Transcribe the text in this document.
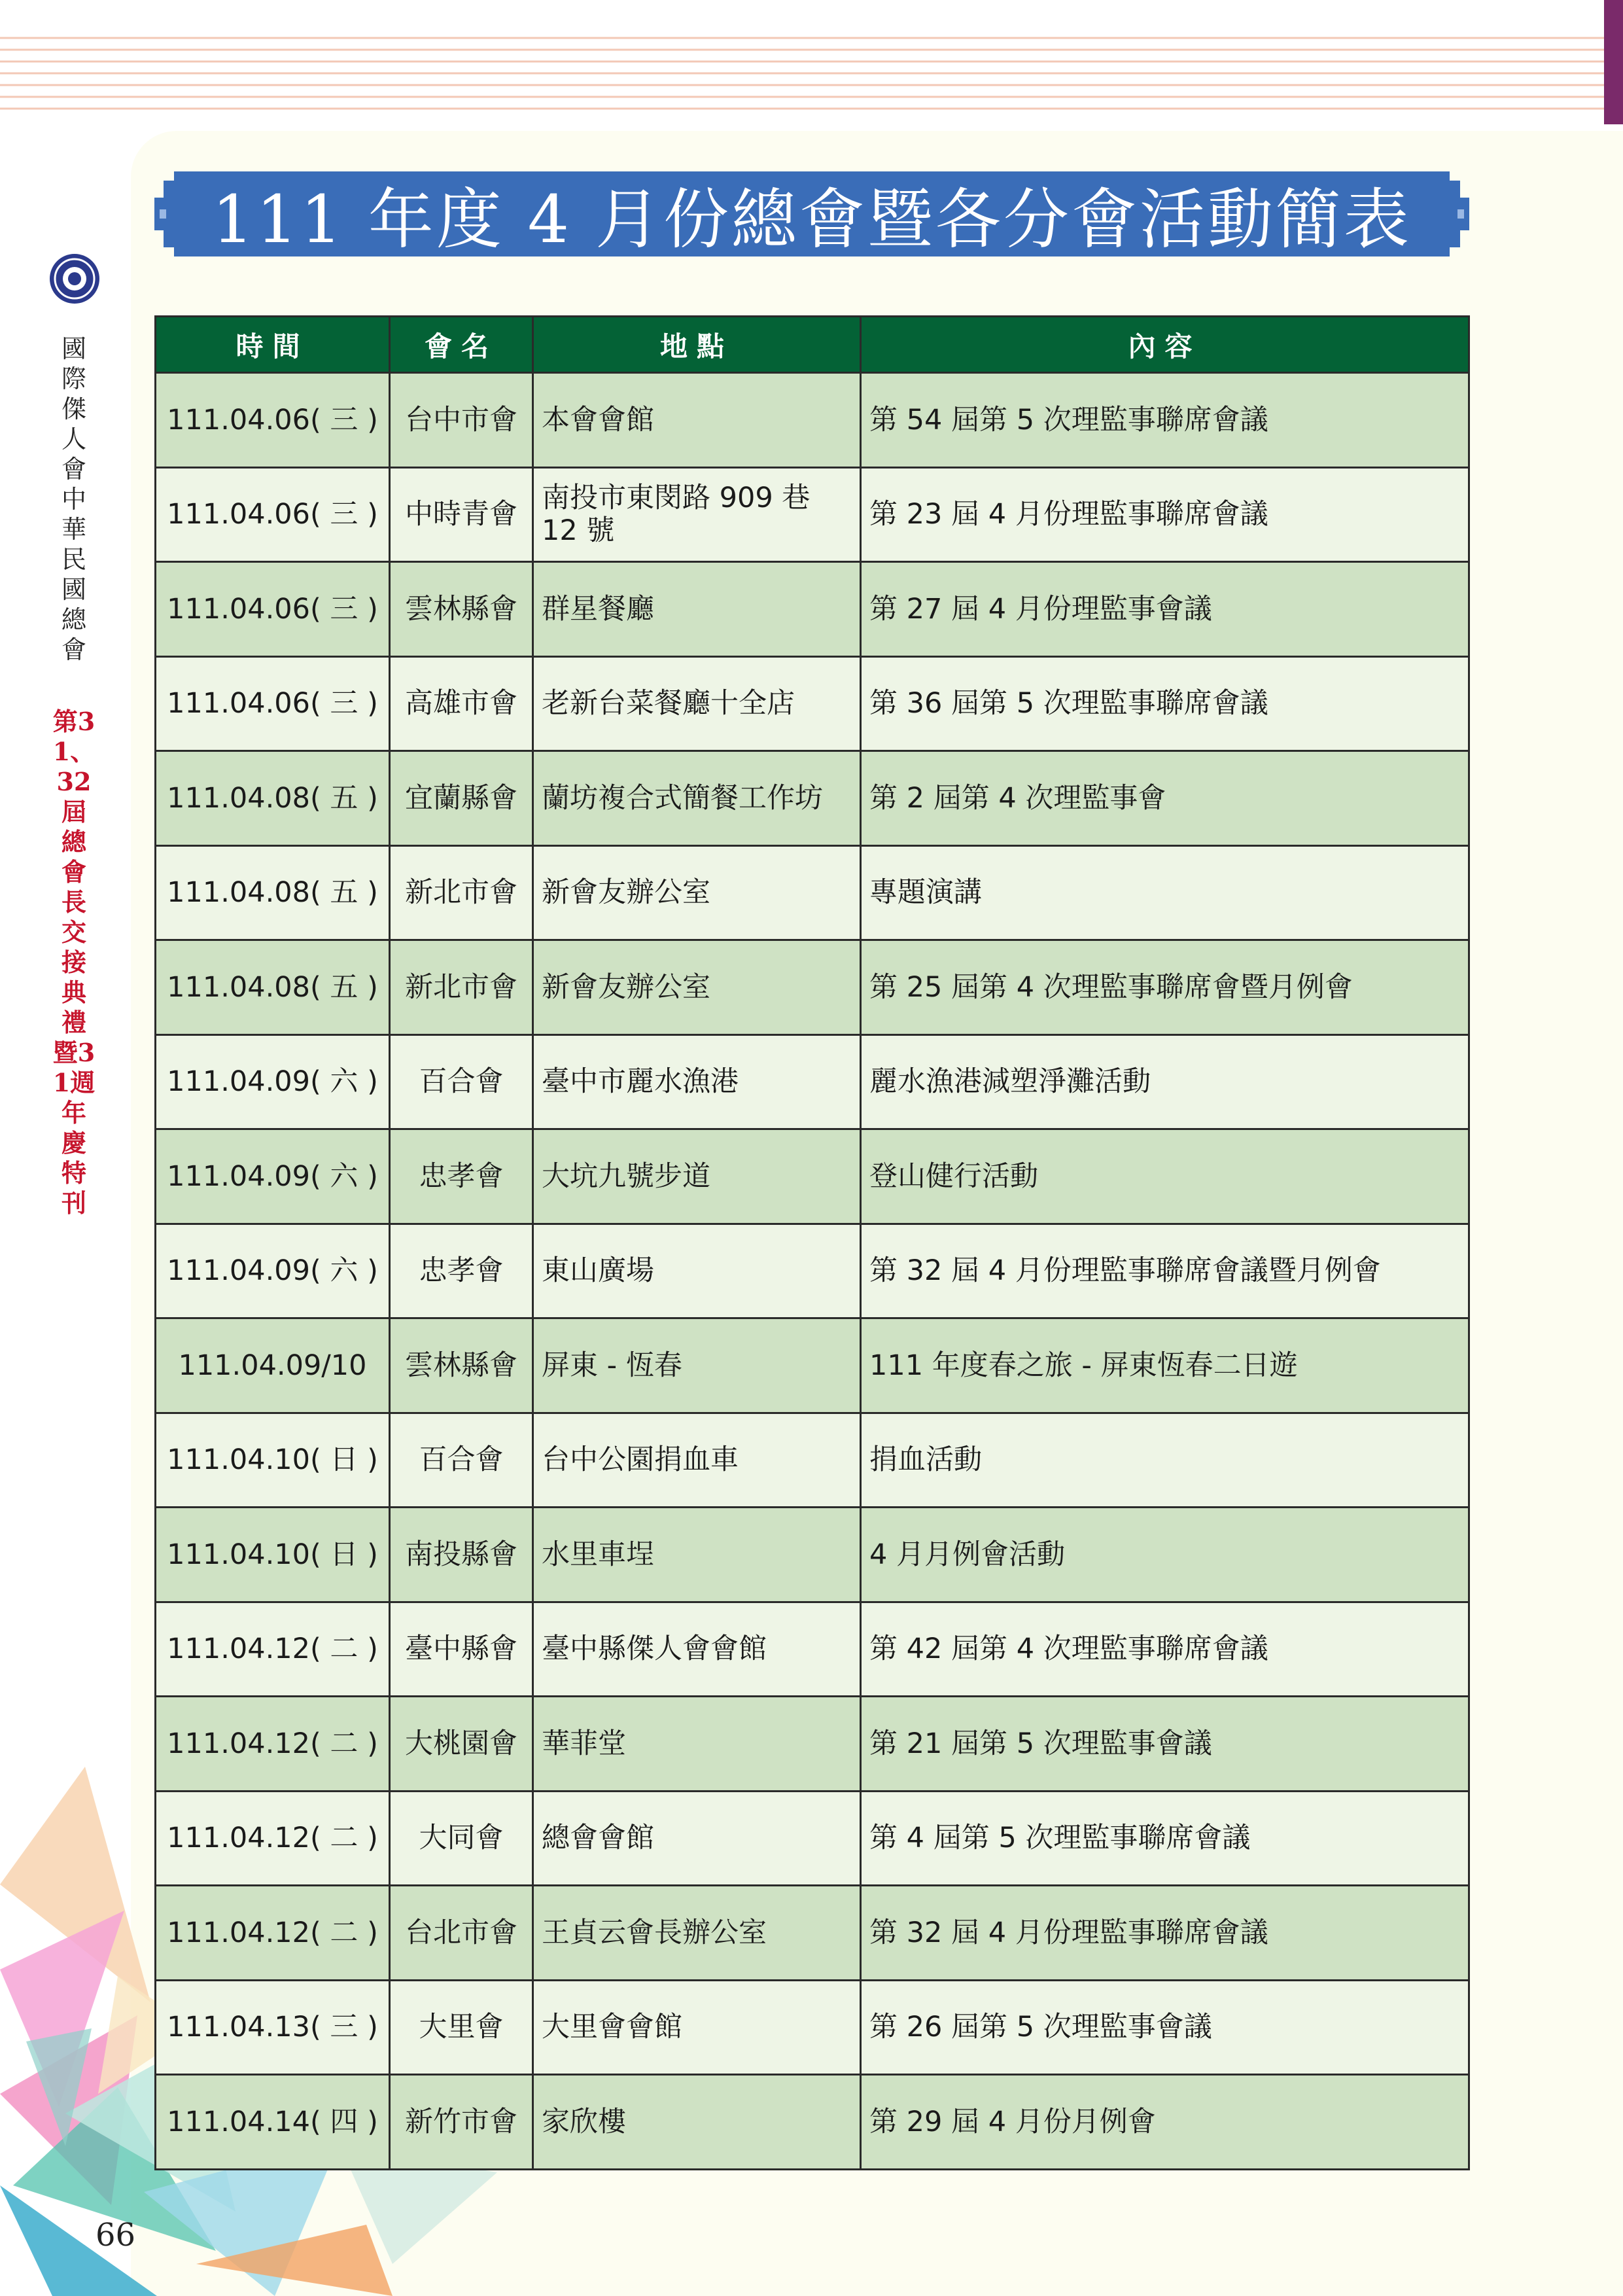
國際傑人會中華民國總會
第31、32屆總會長交接典禮暨31週年慶特刊
111 年度 4 月份總會暨各分會活動簡表
時間	會名	地點	內容
111.04.06( 三 )	台中市會	本會會館	第 54 屆第 5 次理監事聯席會議
111.04.06( 三 )	中時青會	南投市東閔路 909 巷 12 號	第 23 屆 4 月份理監事聯席會議
111.04.06( 三 )	雲林縣會	群星餐廳	第 27 屆 4 月份理監事會議
111.04.06( 三 )	高雄市會	老新台菜餐廳十全店	第 36 屆第 5 次理監事聯席會議
111.04.08( 五 )	宜蘭縣會	蘭坊複合式簡餐工作坊	第 2 屆第 4 次理監事會
111.04.08( 五 )	新北市會	新會友辦公室	專題演講
111.04.08( 五 )	新北市會	新會友辦公室	第 25 屆第 4 次理監事聯席會暨月例會
111.04.09( 六 )	百合會	臺中市麗水漁港	麗水漁港減塑淨灘活動
111.04.09( 六 )	忠孝會	大坑九號步道	登山健行活動
111.04.09( 六 )	忠孝會	東山廣場	第 32 屆 4 月份理監事聯席會議暨月例會
111.04.09/10	雲林縣會	屏東 - 恆春	111 年度春之旅 - 屏東恆春二日遊
111.04.10( 日 )	百合會	台中公園捐血車	捐血活動
111.04.10( 日 )	南投縣會	水里車埕	4 月月例會活動
111.04.12( 二 )	臺中縣會	臺中縣傑人會會館	第 42 屆第 4 次理監事聯席會議
111.04.12( 二 )	大桃園會	華菲堂	第 21 屆第 5 次理監事會議
111.04.12( 二 )	大同會	總會會館	第 4 屆第 5 次理監事聯席會議
111.04.12( 二 )	台北市會	王貞云會長辦公室	第 32 屆 4 月份理監事聯席會議
111.04.13( 三 )	大里會	大里會會館	第 26 屆第 5 次理監事會議
111.04.14( 四 )	新竹市會	家欣樓	第 29 屆 4 月份月例會
66
